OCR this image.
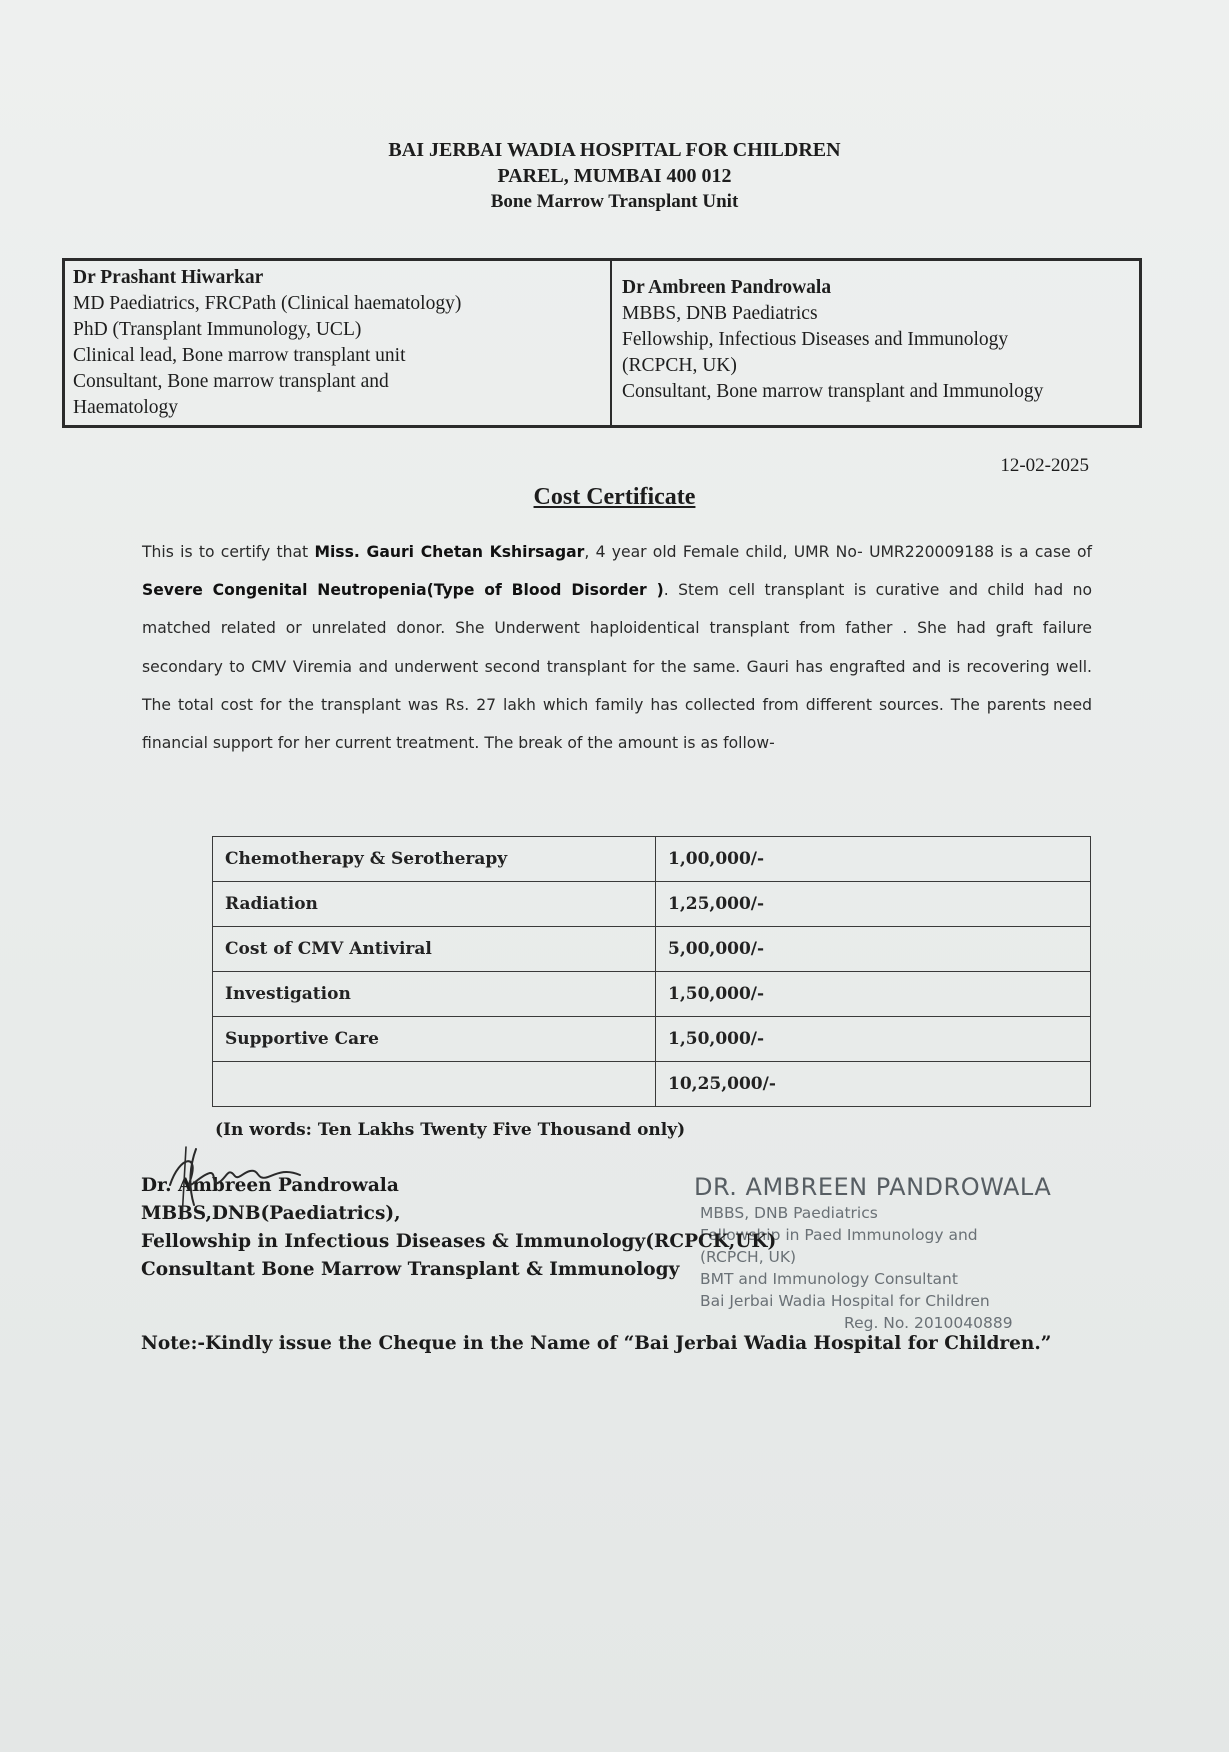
BAI JERBAI WADIA HOSPITAL FOR CHILDREN
PAREL, MUMBAI 400 012
Bone Marrow Transplant Unit
Dr Prashant Hiwarkar
MD Paediatrics, FRCPath (Clinical haematology)
PhD (Transplant Immunology, UCL)
Clinical lead, Bone marrow transplant unit
Consultant, Bone marrow transplant and
Haematology
Dr Ambreen Pandrowala
MBBS, DNB Paediatrics
Fellowship, Infectious Diseases and Immunology
(RCPCH, UK)
Consultant, Bone marrow transplant and Immunology
12-02-2025
Cost Certificate
This is to certify that Miss. Gauri Chetan Kshirsagar, 4 year old Female child, UMR No- UMR220009188 is a case of Severe Congenital Neutropenia(Type of Blood Disorder ). Stem cell transplant is curative and child had no matched related or unrelated donor. She Underwent haploidentical transplant from father . She had graft failure secondary to CMV Viremia and underwent second transplant for the same. Gauri has engrafted and is recovering well. The total cost for the transplant was Rs. 27 lakh which family has collected from different sources. The parents need financial support for her current treatment. The break of the amount is as follow-
Chemotherapy & Serotherapy	1,00,000/-
Radiation	1,25,000/-
Cost of CMV Antiviral	5,00,000/-
Investigation	1,50,000/-
Supportive Care	1,50,000/-
	10,25,000/-
(In words: Ten Lakhs Twenty Five Thousand only)
DR. AMBREEN PANDROWALA
MBBS, DNB Paediatrics
Fellowship in Paed Immunology and
(RCPCH, UK)
BMT and Immunology Consultant
Bai Jerbai Wadia Hospital for Children
Reg. No. 2010040889
Dr. Ambreen Pandrowala
MBBS,DNB(Paediatrics),
Fellowship in Infectious Diseases & Immunology(RCPCK,UK)
Consultant Bone Marrow Transplant & Immunology
Note:-Kindly issue the Cheque in the Name of “Bai Jerbai Wadia Hospital for Children.”
